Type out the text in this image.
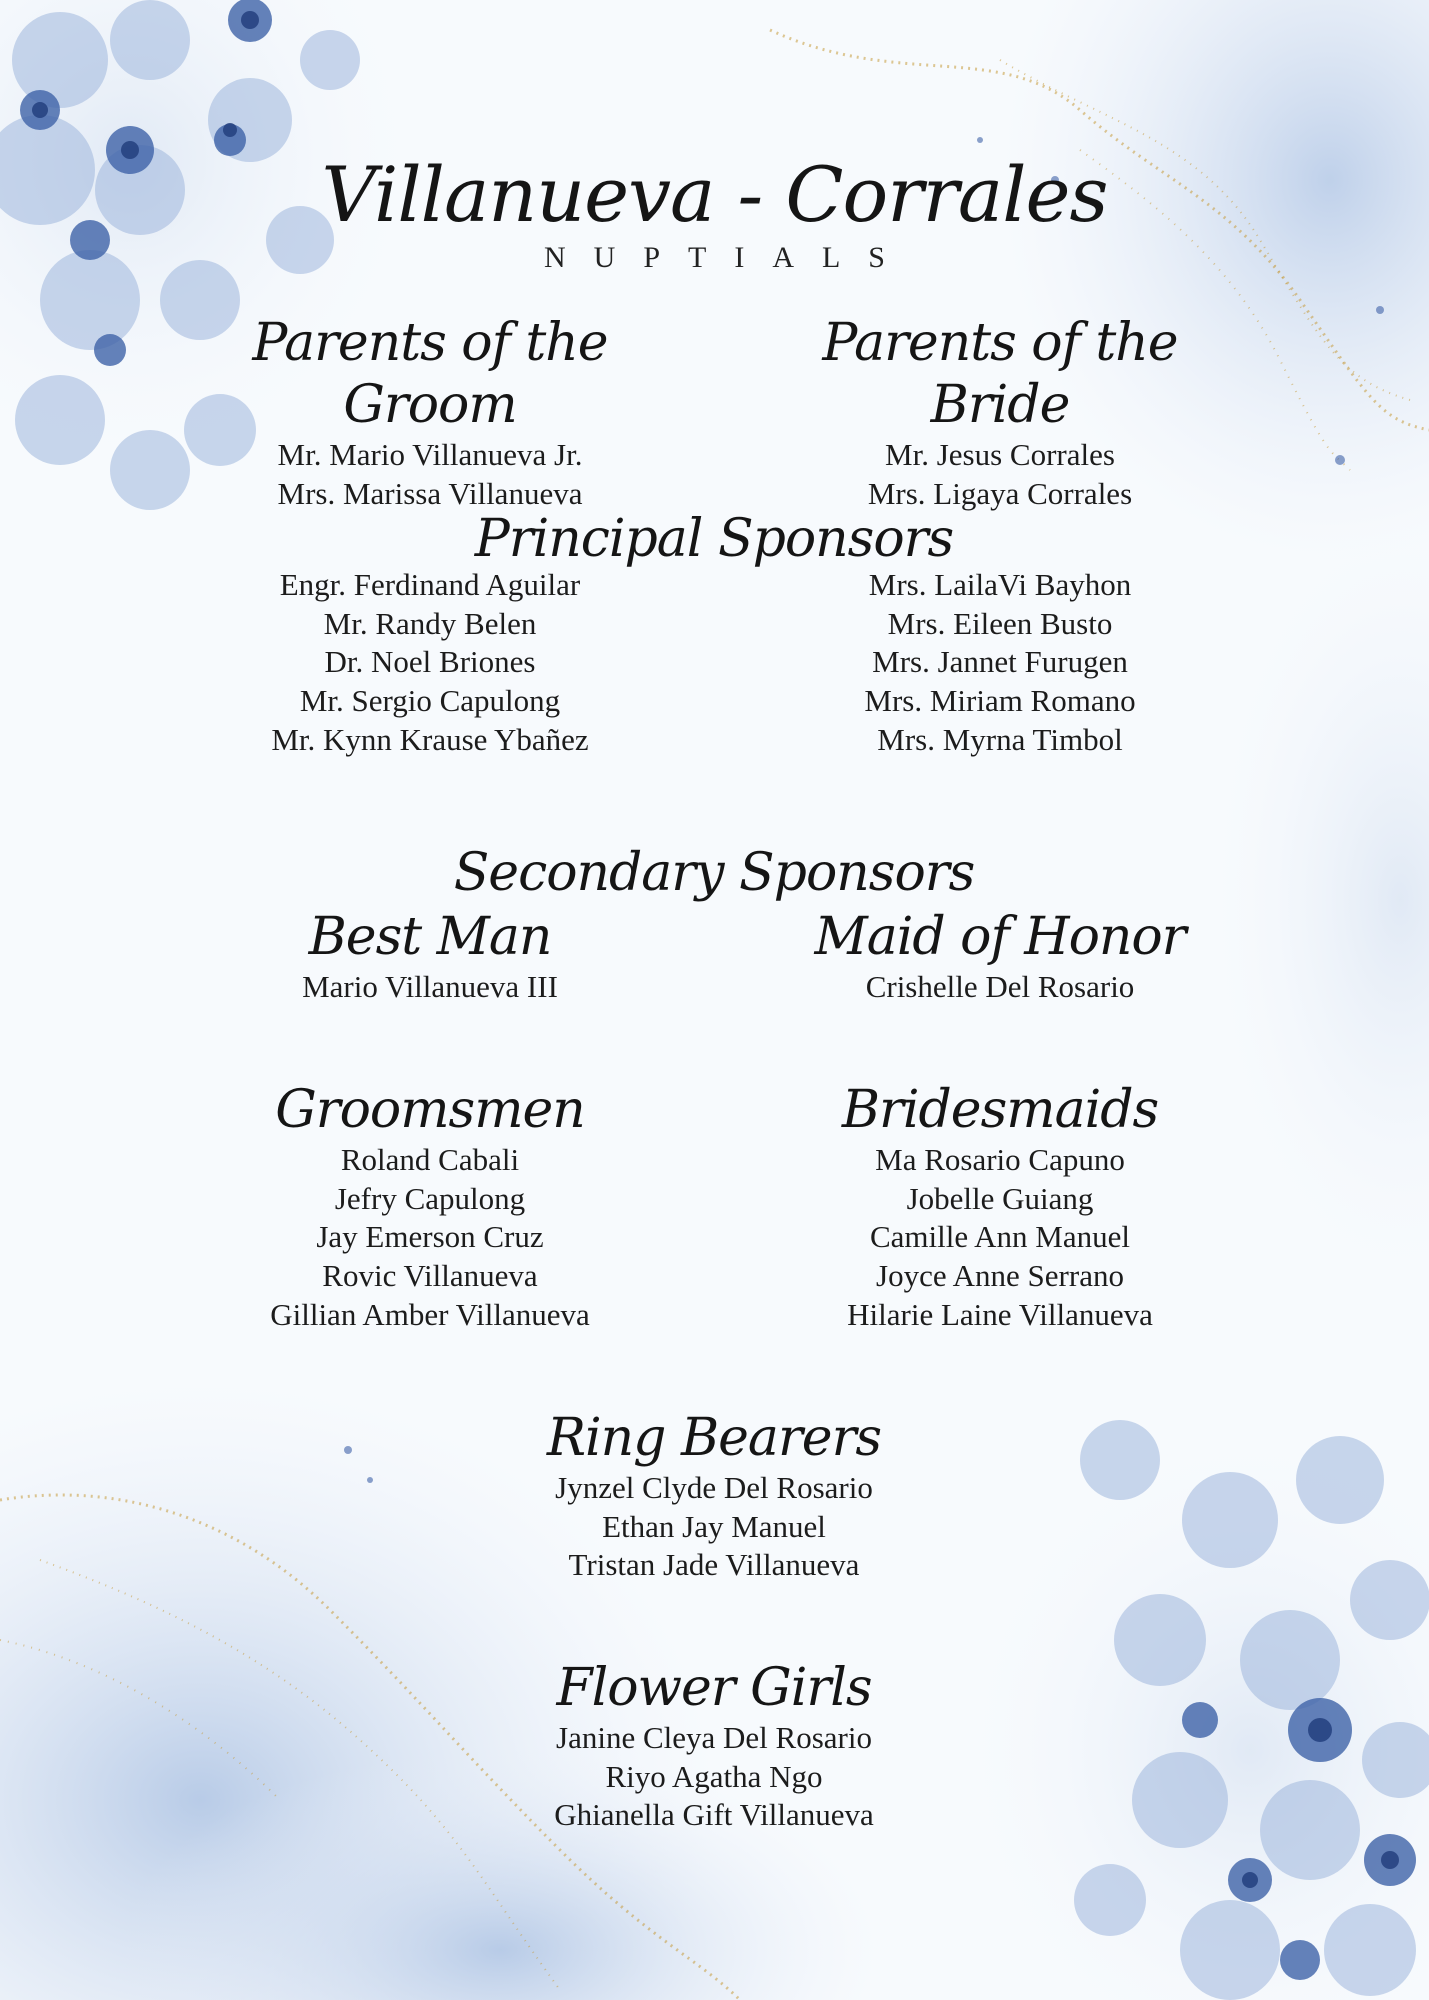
Villanueva - Corrales
NUPTIALS
Parents of the Groom
Mr. Mario Villanueva Jr.
Mrs. Marissa Villanueva
Parents of the Bride
Mr. Jesus Corrales
Mrs. Ligaya Corrales
Principal Sponsors
Engr. Ferdinand Aguilar
Mr. Randy Belen
Dr. Noel Briones
Mr. Sergio Capulong
Mr. Kynn Krause Ybañez
Mrs. LailaVi Bayhon
Mrs. Eileen Busto
Mrs. Jannet Furugen
Mrs. Miriam Romano
Mrs. Myrna Timbol
Secondary Sponsors
Best Man
Mario Villanueva III
Maid of Honor
Crishelle Del Rosario
Groomsmen
Roland Cabali
Jefry Capulong
Jay Emerson Cruz
Rovic Villanueva
Gillian Amber Villanueva
Bridesmaids
Ma Rosario Capuno
Jobelle Guiang
Camille Ann Manuel
Joyce Anne Serrano
Hilarie Laine Villanueva
Ring Bearers
Jynzel Clyde Del Rosario
Ethan Jay Manuel
Tristan Jade Villanueva
Flower Girls
Janine Cleya Del Rosario
Riyo Agatha Ngo
Ghianella Gift Villanueva
